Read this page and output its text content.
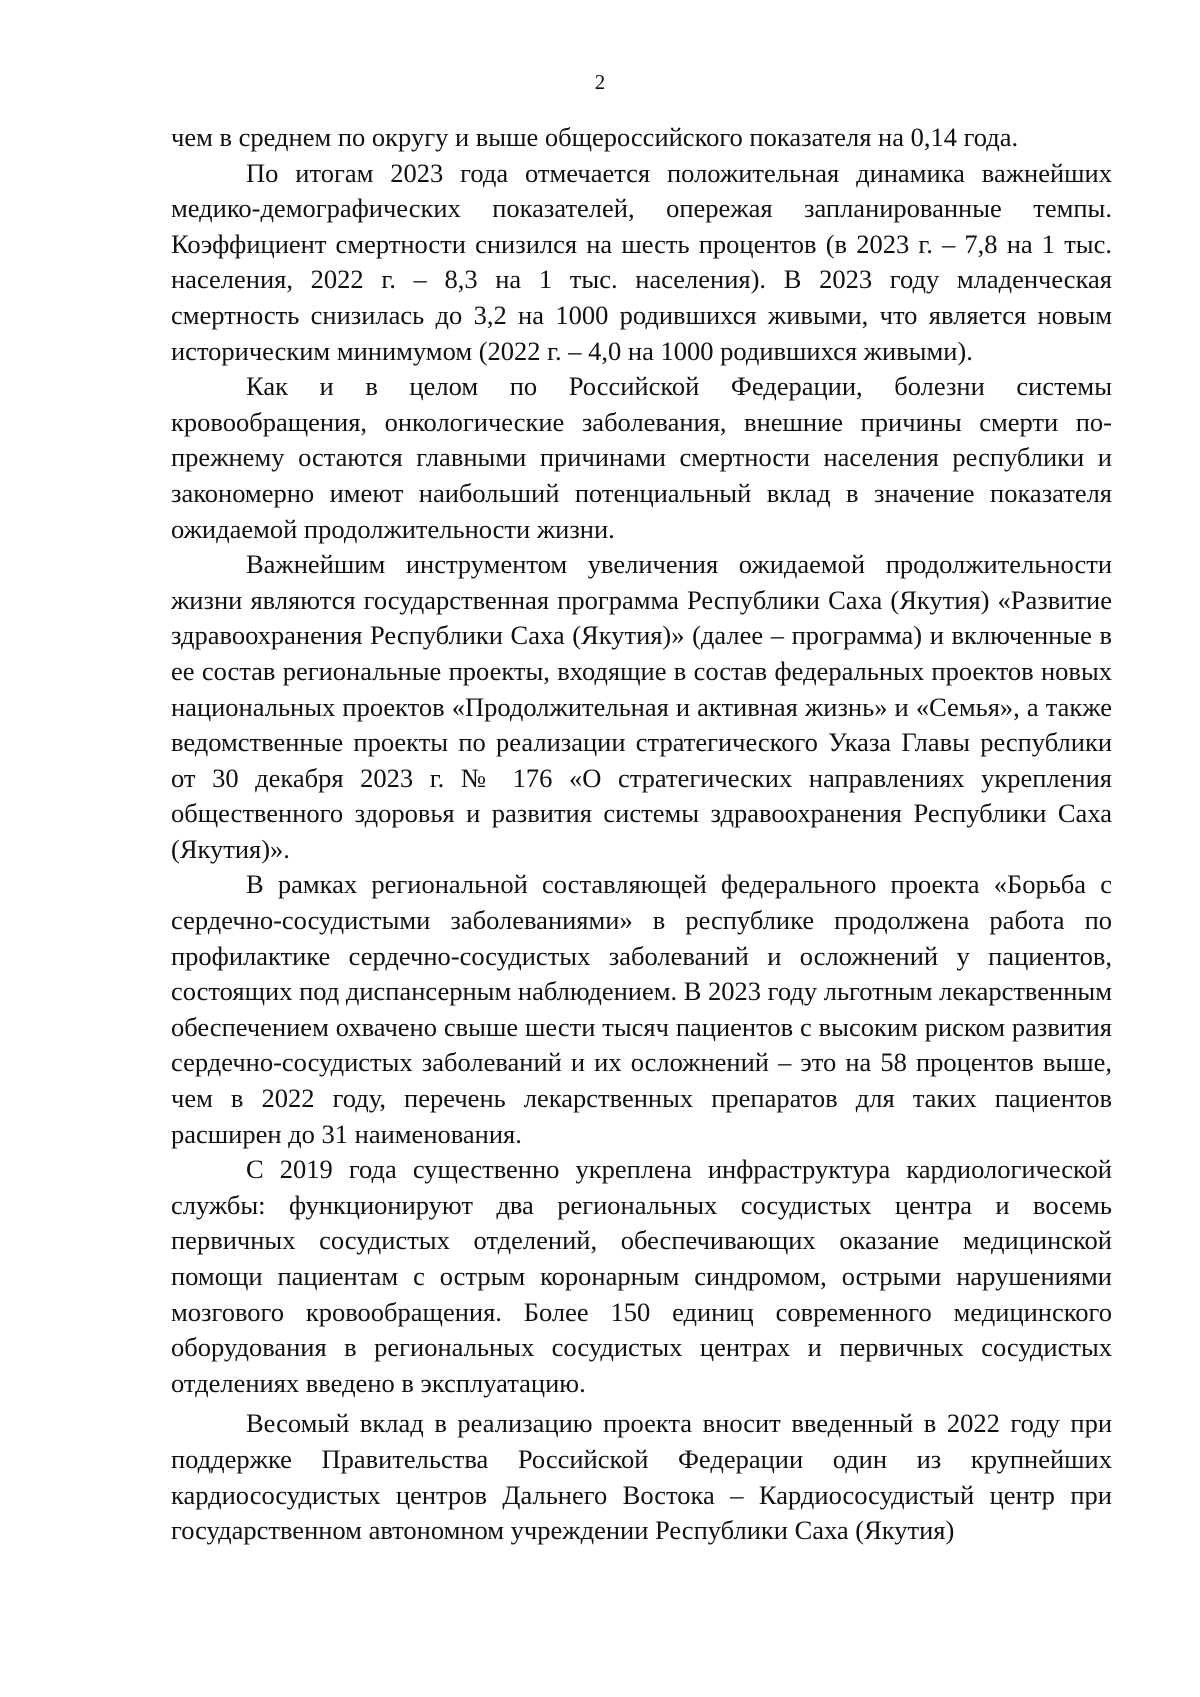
2

чем в среднем по округу и выше общероссийского показателя на 0,14 года.

По итогам 2023 года отмечается положительная динамика важнейших медико-демографических показателей, опережая запланированные темпы. Коэффициент смертности снизился на шесть процентов (в 2023 г. – 7,8 на 1 тыс. населения, 2022 г. – 8,3 на 1 тыс. населения). В 2023 году младенческая смертность снизилась до 3,2 на 1000 родившихся живыми, что является новым историческим минимумом (2022 г. – 4,0 на 1000 родившихся живыми).

Как и в целом по Российской Федерации, болезни системы кровообращения, онкологические заболевания, внешние причины смерти по-прежнему остаются главными причинами смертности населения республики и закономерно имеют наибольший потенциальный вклад в значение показателя ожидаемой продолжительности жизни.

Важнейшим инструментом увеличения ожидаемой продолжительности жизни являются государственная программа Республики Саха (Якутия) «Развитие здравоохранения Республики Саха (Якутия)» (далее – программа) и включенные в ее состав региональные проекты, входящие в состав федеральных проектов новых национальных проектов «Продолжительная и активная жизнь» и «Семья», а также ведомственные проекты по реализации стратегического Указа Главы республики от 30 декабря 2023 г. № 176 «О стратегических направлениях укрепления общественного здоровья и развития системы здравоохранения Республики Саха (Якутия)».

В рамках региональной составляющей федерального проекта «Борьба с сердечно-сосудистыми заболеваниями» в республике продолжена работа по профилактике сердечно-сосудистых заболеваний и осложнений у пациентов, состоящих под диспансерным наблюдением. В 2023 году льготным лекарственным обеспечением охвачено свыше шести тысяч пациентов с высоким риском развития сердечно-сосудистых заболеваний и их осложнений – это на 58 процентов выше, чем в 2022 году, перечень лекарственных препаратов для таких пациентов расширен до 31 наименования.

С 2019 года существенно укреплена инфраструктура кардиологической службы: функционируют два региональных сосудистых центра и восемь первичных сосудистых отделений, обеспечивающих оказание медицинской помощи пациентам с острым коронарным синдромом, острыми нарушениями мозгового кровообращения. Более 150 единиц современного медицинского оборудования в региональных сосудистых центрах и первичных сосудистых отделениях введено в эксплуатацию.

Весомый вклад в реализацию проекта вносит введенный в 2022 году при поддержке Правительства Российской Федерации один из крупнейших кардиососудистых центров Дальнего Востока – Кардиососудистый центр при государственном автономном учреждении Республики Саха (Якутия)
